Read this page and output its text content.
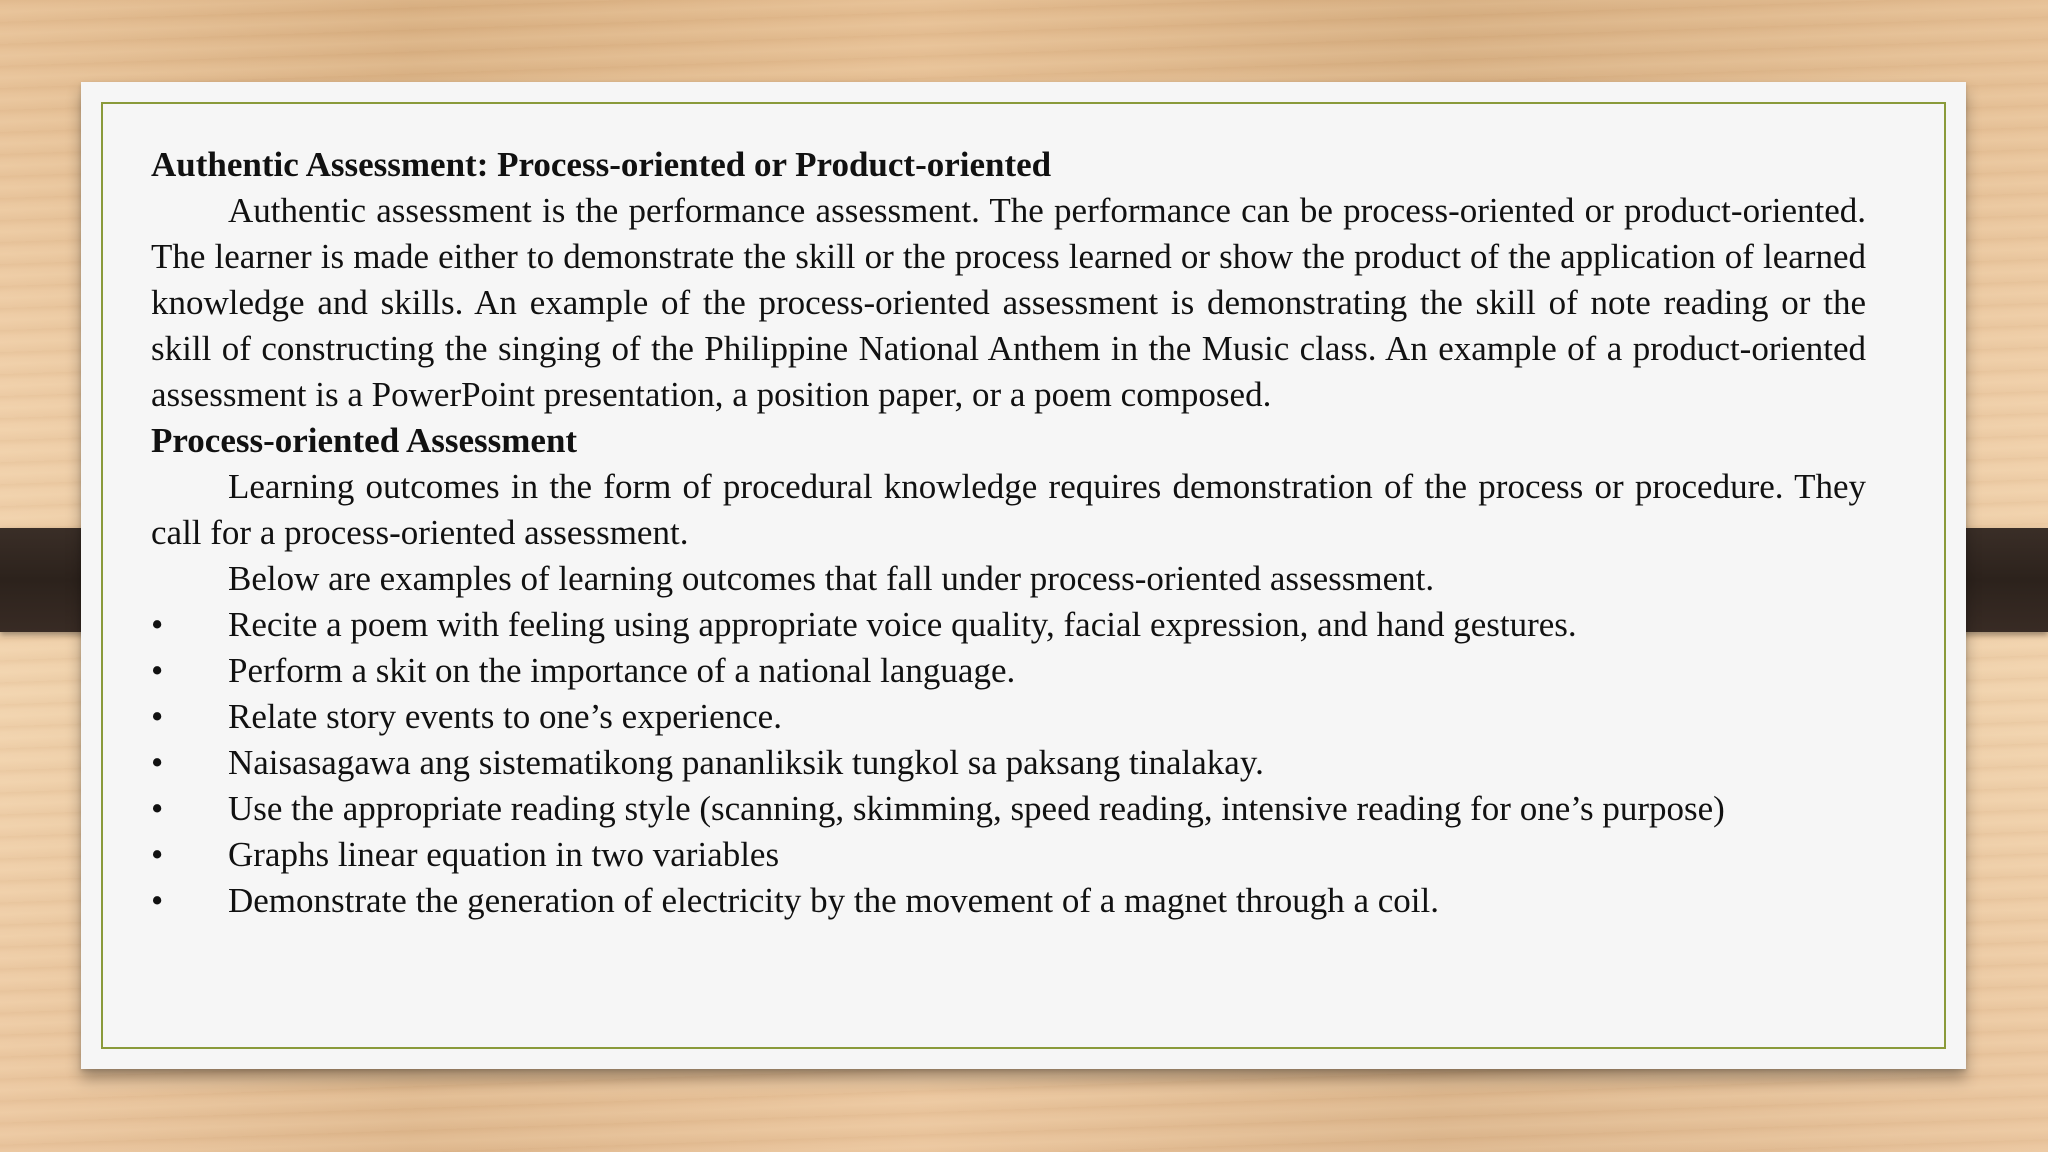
Authentic Assessment: Process-oriented or Product-oriented

Authentic assessment is the performance assessment. The performance can be process-oriented or product-oriented. The learner is made either to demonstrate the skill or the process learned or show the product of the application of learned knowledge and skills. An example of the process-oriented assessment is demonstrating the skill of note reading or the skill of constructing the singing of the Philippine National Anthem in the Music class. An example of a product-oriented assessment is a PowerPoint presentation, a position paper, or a poem composed.

Process-oriented Assessment

Learning outcomes in the form of procedural knowledge requires demonstration of the process or procedure. They call for a process-oriented assessment.

Below are examples of learning outcomes that fall under process-oriented assessment.

• Recite a poem with feeling using appropriate voice quality, facial expression, and hand gestures.
• Perform a skit on the importance of a national language.
• Relate story events to one’s experience.
• Naisasagawa ang sistematikong pananliksik tungkol sa paksang tinalakay.
• Use the appropriate reading style (scanning, skimming, speed reading, intensive reading for one’s purpose)
• Graphs linear equation in two variables
• Demonstrate the generation of electricity by the movement of a magnet through a coil.
